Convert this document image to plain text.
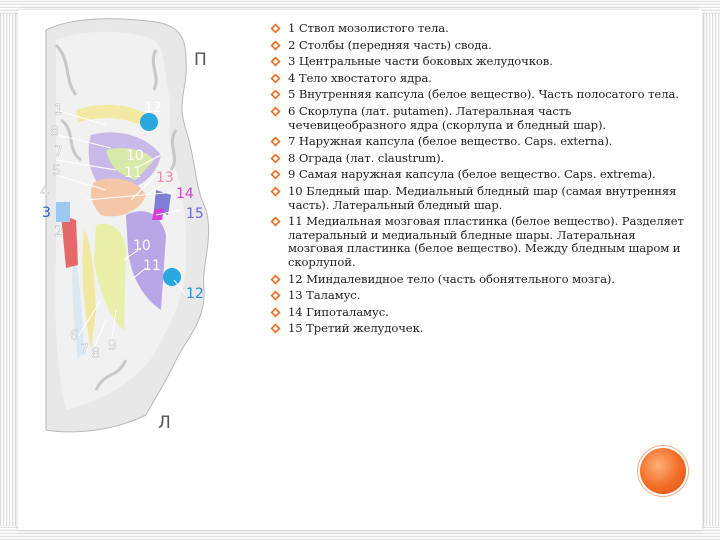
П
Л
1
8
7
5
4
3
2
6
7 8 9
12
10
11 13
14
15
10
11
12
1 Ствол мозолистого тела.
2 Столбы (передняя часть) свода.
3 Центральные части боковых желудочков.
4 Тело хвостатого ядра.
5 Внутренняя капсула (белое вещество). Часть полосатого тела.
6 Скорлупа (лат. putamen). Латеральная часть чечевицеобразного ядра (скорлупа и бледный шар).
7 Наружная капсула (белое вещество. Caps. externa).
8 Ограда (лат. claustrum).
9 Самая наружная капсула (белое вещество. Caps. extrema).
10 Бледный шар. Медиальный бледный шар (самая внутренняя часть). Латеральный бледный шар.
11 Медиальная мозговая пластинка (белое вещество). Разделяет латеральный и медиальный бледные шары. Латеральная мозговая пластинка (белое вещество). Между бледным шаром и скорлупой.
12 Миндалевидное тело (часть обонятельного мозга).
13 Таламус.
14 Гипоталамус.
15 Третий желудочек.
